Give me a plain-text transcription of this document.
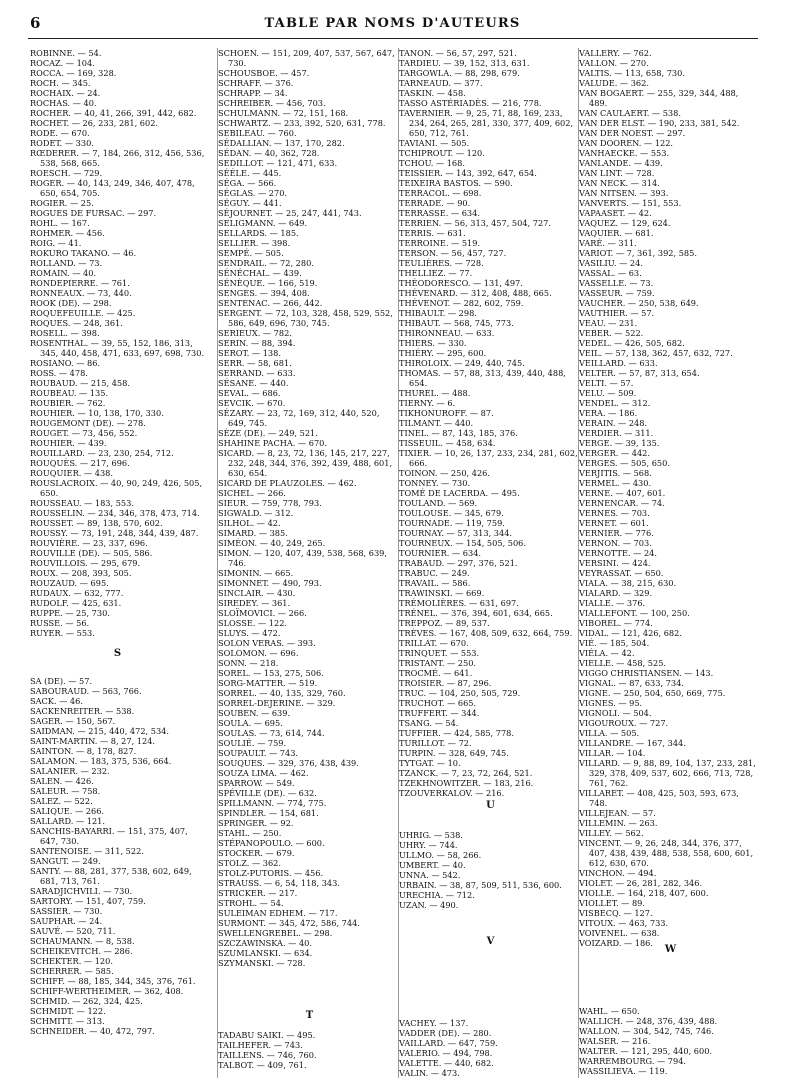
6	TABLE PAR NOMS D'AUTEURS
ROBINNE. — 54.
ROCAZ. — 104.
ROCCA. — 169, 328.
ROCH. — 345.
ROCHAIX. — 24.
ROCHAS. — 40.
ROCHER. — 40, 41, 266, 391, 442, 682.
ROCHET. — 26, 233, 281, 602.
RODE. — 670.
RODET. — 330.
RŒDERER. — 7, 184, 266, 312, 456, 536, 538, 568, 665.
ROESCH. — 729.
ROGER. — 40, 143, 249, 346, 407, 478, 650, 654, 705.
ROGIER. — 25.
ROGUES DE FURSAC. — 297.
ROHL. — 167.
ROHMER. — 456.
ROIG. — 41.
ROKURO TAKANO. — 46.
ROLLAND. — 73.
ROMAIN. — 40.
RONDEPIERRE. — 761.
RONNEAUX. — 73, 440.
ROOK (DE). — 298.
ROQUEFEUILLE. — 425.
ROQUES. — 248, 361.
ROSELL. — 398.
ROSENTHAL. — 39, 55, 152, 186, 313, 345, 440, 458, 471, 633, 697, 698, 730.
ROSIANO. — 86.
ROSS. — 478.
ROUBAUD. — 215, 458.
ROUBEAU. — 135.
ROUBIER. — 762.
ROUHIER. — 10, 138, 170, 330.
ROUGEMONT (DE). — 278.
ROUGET. — 73, 456, 552.
ROUHIER. — 439.
ROUILLARD. — 23, 230, 254, 712.
ROUQUÈS. — 217, 696.
ROUQUIER. — 438.
ROUSLACROIX. — 40, 90, 249, 426, 505, 650.
ROUSSEAU. — 183, 553.
ROUSSELIN. — 234, 346, 378, 473, 714.
ROUSSET. — 89, 138, 570, 602.
ROUSSY. — 73, 191, 248, 344, 439, 487.
ROUVIÈRE. — 23, 337, 696.
ROUVILLE (DE). — 505, 586.
ROUVILLOIS. — 295, 679.
ROUX. — 208, 393, 505.
ROUZAUD. — 695.
RUDAUX. — 632, 777.
RUDOLF. — 425, 631.
RUPPE. — 25, 730.
RUSSE. — 56.
RUYER. — 553.
S
SA (DE). — 57.
SABOURAUD. — 563, 766.
SACK. — 46.
SACKENREITER. — 538.
SAGER. — 150, 567.
SAIDMAN. — 215, 440, 472, 534.
SAINT-MARTIN. — 8, 27, 124.
SAINTON. — 8, 178, 827.
SALAMON. — 183, 375, 536, 664.
SALANIER. — 232.
SALEN. — 426.
SALEUR. — 758.
SALEZ. — 522.
SALIQUE. — 266.
SALLARD. — 121.
SANCHIS-BAYARRI. — 151, 375, 407, 647, 730.
SANTENOISE. — 311, 522.
SANGUT. — 249.
SANTY. — 88, 281, 377, 538, 602, 649, 681, 713, 761.
SARADJICHVILI. — 730.
SARTORY. — 151, 407, 759.
SASSIER. — 730.
SAUPHAR. — 24.
SAUVÉ. — 520, 711.
SCHAUMANN. — 8, 538.
SCHEIKEVITCH. — 286.
SCHEKTER. — 120.
SCHERRER. — 585.
SCHIFF. — 88, 185, 344, 345, 376, 761.
SCHIFF-WERTHEIMER. — 362, 408.
SCHMID. — 262, 324, 425.
SCHMIDT. — 122.
SCHMITT. — 313.
SCHNEIDER. — 40, 472, 797.
SCHOEN. — 151, 209, 407, 537, 567, 647, 730.
SCHOUSBOE. — 457.
SCHRAFF. — 376.
SCHRAPP. — 34.
SCHREIBER. — 456, 703.
SCHULMANN. — 72, 151, 168.
SCHWARTZ. — 233, 392, 520, 631, 778.
SEBILEAU. — 760.
SÉDALLIAN. — 137, 170, 282.
SÉDAN. — 40, 362, 728.
SEDILLOT. — 121, 471, 633.
SÉÉLE. — 445.
SÉGA. — 566.
SÉGLAS. — 270.
SÉGUY. — 441.
SÉJOURNET. — 25, 247, 441, 743.
SELIGMANN. — 649.
SELLARDS. — 185.
SELLIER. — 398.
SEMPÉ. — 505.
SENDRAIL. — 72, 280.
SÉNÉCHAL. — 439.
SÉNÈQUE. — 166, 519.
SENGES. — 394, 408.
SENTENAC. — 266, 442.
SERGENT. — 72, 103, 328, 458, 529, 552, 586, 649, 696, 730, 745.
SERIEUX. — 782.
SERIN. — 88, 394.
SEROT. — 138.
SERR. — 58, 681.
SERRAND. — 633.
SÉSANE. — 440.
SEVAL. — 686.
SEVCIK. — 670.
SÉZARY. — 23, 72, 169, 312, 440, 520, 649, 745.
SÈZE (DE). — 249, 521.
SHAHINE PACHA. — 670.
SICARD. — 8, 23, 72, 136, 145, 217, 227, 232, 248, 344, 376, 392, 439, 488, 601, 630, 654.
SICARD DE PLAUZOLES. — 462.
SICHEL. — 266.
SIEUR. — 759, 778, 793.
SIGWALD. — 312.
SILHOL. — 42.
SIMARD. — 385.
SIMÉON. — 40, 249, 265.
SIMON. — 120, 407, 439, 538, 568, 639, 746.
SIMONIN. — 665.
SIMONNET. — 490, 793.
SINCLAIR. — 430.
SIREDEY. — 361.
SLOÏMOVICI. — 266.
SLOSSE. — 122.
SLUYS. — 472.
SOLON VERAS. — 393.
SOLOMON. — 696.
SONN. — 218.
SOREL. — 153, 275, 506.
SORG-MATTER. — 519.
SORREL. — 40, 135, 329, 760.
SORREL-DEJERINE. — 329.
SOUBEN. — 639.
SOULA. — 695.
SOULAS. — 73, 614, 744.
SOULIÉ. — 759.
SOUPAULT. — 743.
SOUQUES. — 329, 376, 438, 439.
SOUZA LIMA. — 462.
SPARROW. — 549.
SPÉVILLE (DE). — 632.
SPILLMANN. — 774, 775.
SPINDLER. — 154, 681.
SPRINGER. — 92.
STAHL. — 250.
STÉPANOPOULO. — 600.
STOCKER. — 679.
STOLZ. — 362.
STOLZ-PUTORIS. — 456.
STRAUSS. — 6, 54, 118, 343.
STRICKER. — 217.
STROHL. — 54.
SULEIMAN EDHEM. — 717.
SURMONT. — 345, 472, 586, 744.
SWELLENGREBEL. — 298.
SZCZAWINSKA. — 40.
SZUMLANSKI. — 634.
SZYMANSKI. — 728.
T
TADABU SAIKI. — 495.
TAILHEFER. — 743.
TAILLENS. — 746, 760.
TALBOT. — 409, 761.
TANON. — 56, 57, 297, 521.
TARDIEU. — 39, 152, 313, 631.
TARGOWLA. — 88, 298, 679.
TARNEAUD. — 377.
TASKIN. — 458.
TASSO ASTÉRIADÈS. — 216, 778.
TAVERNIER. — 9, 25, 71, 88, 169, 233, 234, 264, 265, 281, 330, 377, 409, 602, 650, 712, 761.
TAVIANI. — 505.
TCHIPROUT. — 120.
TCHOU. — 168.
TEISSIER. — 143, 392, 647, 654.
TEIXEIRA BASTOS. — 590.
TERRACOL. — 698.
TERRADE. — 90.
TERRASSE. — 634.
TERRIEN. — 56, 313, 457, 504, 727.
TERRIS. — 631.
TERROINE. — 519.
TERSON. — 56, 457, 727.
TEULIÈRES. — 728.
THELLIEZ. — 77.
THÉODORESCO. — 131, 497.
THÉVENARD. — 312, 408, 488, 665.
THÉVENOT. — 282, 602, 759.
THIBAULT. — 298.
THIBAUT. — 568, 745, 773.
THIRONNEAU. — 633.
THIERS. — 330.
THIÉRY. — 295, 600.
THIROLOIX. — 249, 440, 745.
THOMAS. — 57, 88, 313, 439, 440, 488, 654.
THUREL. — 488.
TIERNY. — 6.
TIKHONUROFF. — 87.
TILMANT. — 440.
TINEL. — 87, 143, 185, 376.
TISSEUIL. — 458, 634.
TIXIER. — 10, 26, 137, 233, 234, 281, 602, 666.
TOINON. — 250, 426.
TONNEY. — 730.
TOMÉ DE LACERDA. — 495.
TOULAND. — 569.
TOULOUSE. — 345, 679.
TOURNADE. — 119, 759.
TOURNAY. — 57, 313, 344.
TOURNEUX. — 154, 505, 506.
TOURNIER. — 634.
TRABAUD. — 297, 376, 521.
TRABUC. — 249.
TRAVAIL. — 586.
TRAWINSKI. — 669.
TRÉMOLIÈRES. — 631, 697.
TRÉNEL. — 376, 394, 601, 634, 665.
TREPPOZ. — 89, 537.
TRÈVES. — 167, 408, 509, 632, 664, 759.
TRILLAT. — 670.
TRINQUET. — 553.
TRISTANT. — 250.
TROCMÉ. — 641.
TROISIER. — 87, 296.
TRUC. — 104, 250, 505, 729.
TRUCHOT. — 665.
TRUFFERT. — 344.
TSANG. — 54.
TUFFIER. — 424, 585, 778.
TURILLOT. — 72.
TURPIN. — 328, 649, 745.
TYTGAT. — 10.
TZANCK. — 7, 23, 72, 264, 521.
TZEKHNOWITZER. — 183, 216.
TZOUVERKALOV. — 216.
U
UHRIG. — 538.
UHRY. — 744.
ULLMO. — 58, 266.
UMBERT. — 40.
UNNA. — 542.
URBAIN. — 38, 87, 509, 511, 536, 600.
URECHIA. — 712.
UZAN. — 490.
V
VACHEY. — 137.
VADDER (DE). — 280.
VAILLARD. — 647, 759.
VALERIO. — 494, 798.
VALETTE. — 440, 682.
VALIN. — 473.
VALLERY. — 762.
VALLON. — 270.
VALTIS. — 113, 658, 730.
VALUDE. — 362.
VAN BOGAERT. — 255, 329, 344, 488, 489.
VAN CAULAERT. — 538.
VAN DER ELST. — 190, 233, 381, 542.
VAN DER NOEST. — 297.
VAN DOOREN. — 122.
VANHAECKE. — 553.
VANLANDE. — 439.
VAN LINT. — 728.
VAN NECK. — 314.
VAN NITSEN. — 393.
VANVERTS. — 151, 553.
VAPAASET. — 42.
VAQUEZ. — 129, 624.
VAQUIER. — 681.
VARÉ. — 311.
VARIOT. — 7, 361, 392, 585.
VASILIU. — 24.
VASSAL. — 63.
VASSELLE. — 73.
VASSEUR. — 759.
VAUCHER. — 250, 538, 649.
VAUTHIER. — 57.
VEAU. — 231.
VEBER. — 522.
VEDEL. — 426, 505, 682.
VEIL. — 57, 138, 362, 457, 632, 727.
VEILLARD. — 633.
VELTER. — 57, 87, 313, 654.
VELTI. — 57.
VELU. — 509.
VENDEL. — 312.
VERA. — 186.
VERAIN. — 248.
VERDIER. — 311.
VERGE. — 39, 135.
VERGER. — 442.
VERGES. — 505, 650.
VERJITIS. — 568.
VERMEL. — 430.
VERNE. — 407, 601.
VERNENCAR. — 74.
VERNES. — 703.
VERNET. — 601.
VERNIER. — 776.
VERNON. — 703.
VERNOTTE. — 24.
VERSINI. — 424.
VEYRASSAT. — 650.
VIALA. — 38, 215, 630.
VIALARD. — 329.
VIALLE. — 376.
VIALLEFONT. — 100, 250.
VIBOREL. — 774.
VIDAL. — 121, 426, 682.
VIÉ. — 185, 504.
VIÉLA. — 42.
VIELLE. — 458, 525.
VIGGO CHRISTIANSEN. — 143.
VIGNAL. — 87, 633, 734.
VIGNE. — 250, 504, 650, 669, 775.
VIGNES. — 95.
VIGNOLI. — 504.
VIGOUROUX. — 727.
VILLA. — 505.
VILLANDRE. — 167, 344.
VILLAR. — 104.
VILLARD. — 9, 88, 89, 104, 137, 233, 281, 329, 378, 409, 537, 602, 666, 713, 728, 761, 762.
VILLARET. — 408, 425, 503, 593, 673, 748.
VILLEJEAN. — 57.
VILLEMIN. — 263.
VILLEY. — 562.
VINCENT. — 9, 26, 248, 344, 376, 377, 407, 438, 439, 488, 538, 558, 600, 601, 612, 630, 670.
VINCHON. — 494.
VIOLET. — 26, 281, 282, 346.
VIOLLE. — 164, 218, 407, 600.
VIOLLET. — 89.
VISBECQ. — 127.
VITOUX. — 463, 733.
VOIVENEL. — 638.
VOIZARD. — 186.
W
WAHL. — 650.
WALLICH. — 248, 376, 439, 488.
WALLON. — 304, 542, 745, 746.
WALSER. — 216.
WALTER. — 121, 295, 440, 600.
WARREMBOURG. — 794.
WASSILIEVA. — 119.
